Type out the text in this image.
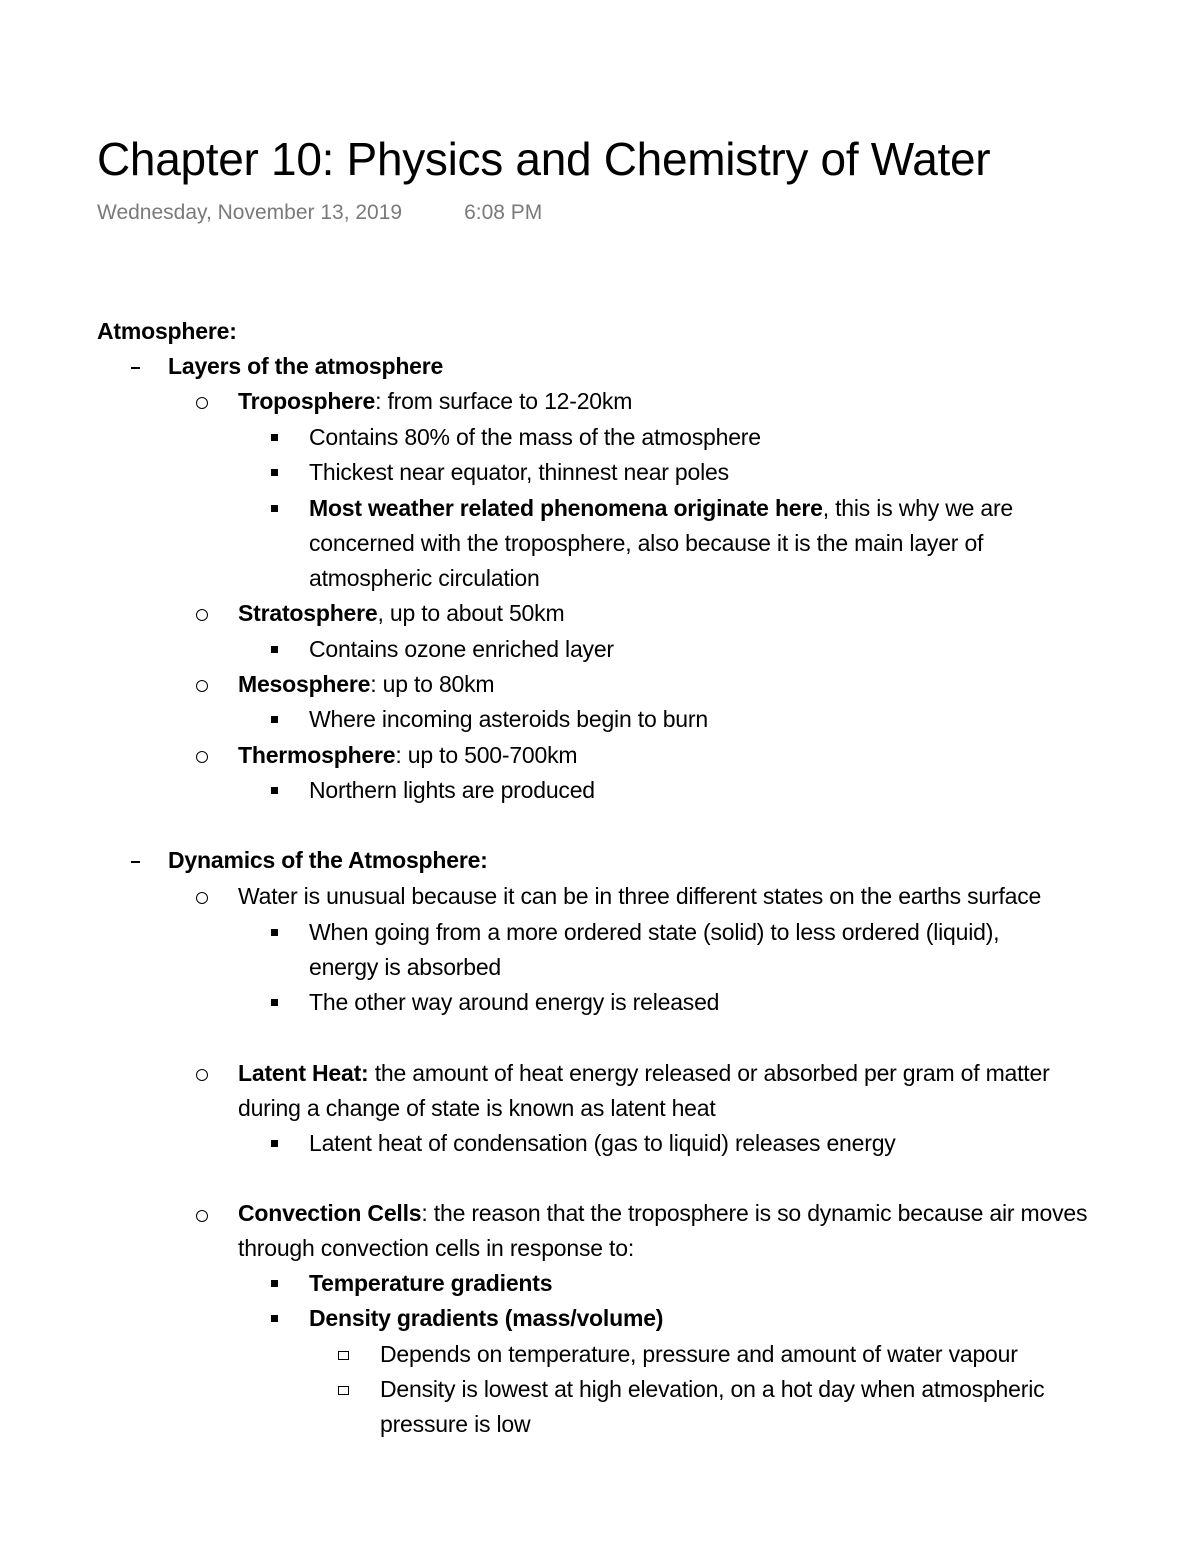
Chapter 10: Physics and Chemistry of Water
Wednesday, November 13, 2019	6:08 PM
Atmosphere:
Layers of the atmosphere
Troposphere: from surface to 12-20km
Contains 80% of the mass of the atmosphere
Thickest near equator, thinnest near poles
Most weather related phenomena originate here, this is why we are
concerned with the troposphere, also because it is the main layer of
atmospheric circulation
Stratosphere, up to about 50km
Contains ozone enriched layer
Mesosphere: up to 80km
Where incoming asteroids begin to burn
Thermosphere: up to 500-700km
Northern lights are produced
Dynamics of the Atmosphere:
Water is unusual because it can be in three different states on the earths surface
When going from a more ordered state (solid) to less ordered (liquid),
energy is absorbed
The other way around energy is released
Latent Heat: the amount of heat energy released or absorbed per gram of matter
during a change of state is known as latent heat
Latent heat of condensation (gas to liquid) releases energy
Convection Cells: the reason that the troposphere is so dynamic because air moves
through convection cells in response to:
Temperature gradients
Density gradients (mass/volume)
Depends on temperature, pressure and amount of water vapour
Density is lowest at high elevation, on a hot day when atmospheric
pressure is low
